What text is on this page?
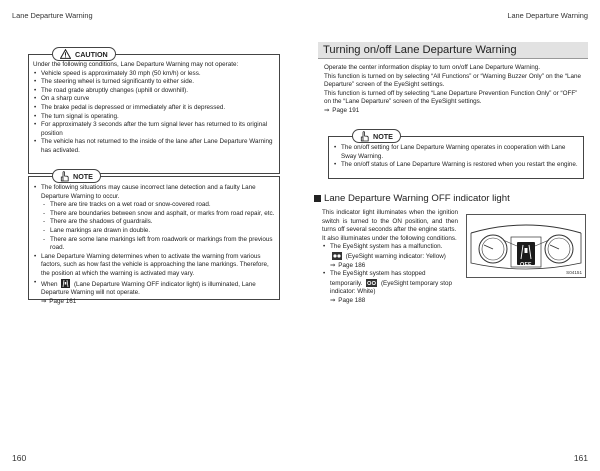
Lane Departure Warning
CAUTION
Under the following conditions, Lane Departure Warning may not operate:
• Vehicle speed is approximately 30 mph (50 km/h) or less.
• The steering wheel is turned significantly to either side.
• The road grade abruptly changes (uphill or downhill).
• On a sharp curve
• The brake pedal is depressed or immediately after it is depressed.
• The turn signal is operating.
• For approximately 3 seconds after the turn signal lever has returned to its original position
• The vehicle has not returned to the inside of the lane after Lane Departure Warning has activated.
NOTE
• The following situations may cause incorrect lane detection and a faulty Lane Departure Warning to occur.
- There are tire tracks on a wet road or snow-covered road.
- There are boundaries between snow and asphalt, or marks from road repair, etc.
- There are the shadows of guardrails.
- Lane markings are drawn in double.
- There are some lane markings left from roadwork or markings from the previous road.
• Lane Departure Warning determines when to activate the warning from various factors, such as how fast the vehicle is approaching the lane markings. Therefore, the position at which the warning is activated may vary.
• When	(Lane Departure Warning OFF indicator light) is illuminated, Lane Departure Warning will not operate.
⇒ Page 161
160
Lane Departure Warning
Turning on/off Lane Departure Warning
Operate the center information display to turn on/off Lane Departure Warning.
This function is turned on by selecting “All Functions” or “Warning Buzzer Only” on the “Lane Departure” screen of the EyeSight settings.
This function is turned off by selecting “Lane Departure Prevention Function Only” or “OFF” on the “Lane Departure” screen of the EyeSight settings.
⇒ Page 191
NOTE
• The on/off setting for Lane Departure Warning operates in cooperation with Lane Sway Warning.
• The on/off status of Lane Departure Warning is restored when you restart the engine.
Lane Departure Warning OFF indicator light
This indicator light illuminates when the ignition switch is turned to the ON position, and then turns off several seconds after the engine starts.
It also illuminates under the following conditions.
• The EyeSight system has a malfunction.
(EyeSight warning indicator: Yellow)
⇒ Page 186
• The EyeSight system has stopped temporarily.	(EyeSight temporary stop indicator: White)
⇒ Page 188
OFF
S04151
161
